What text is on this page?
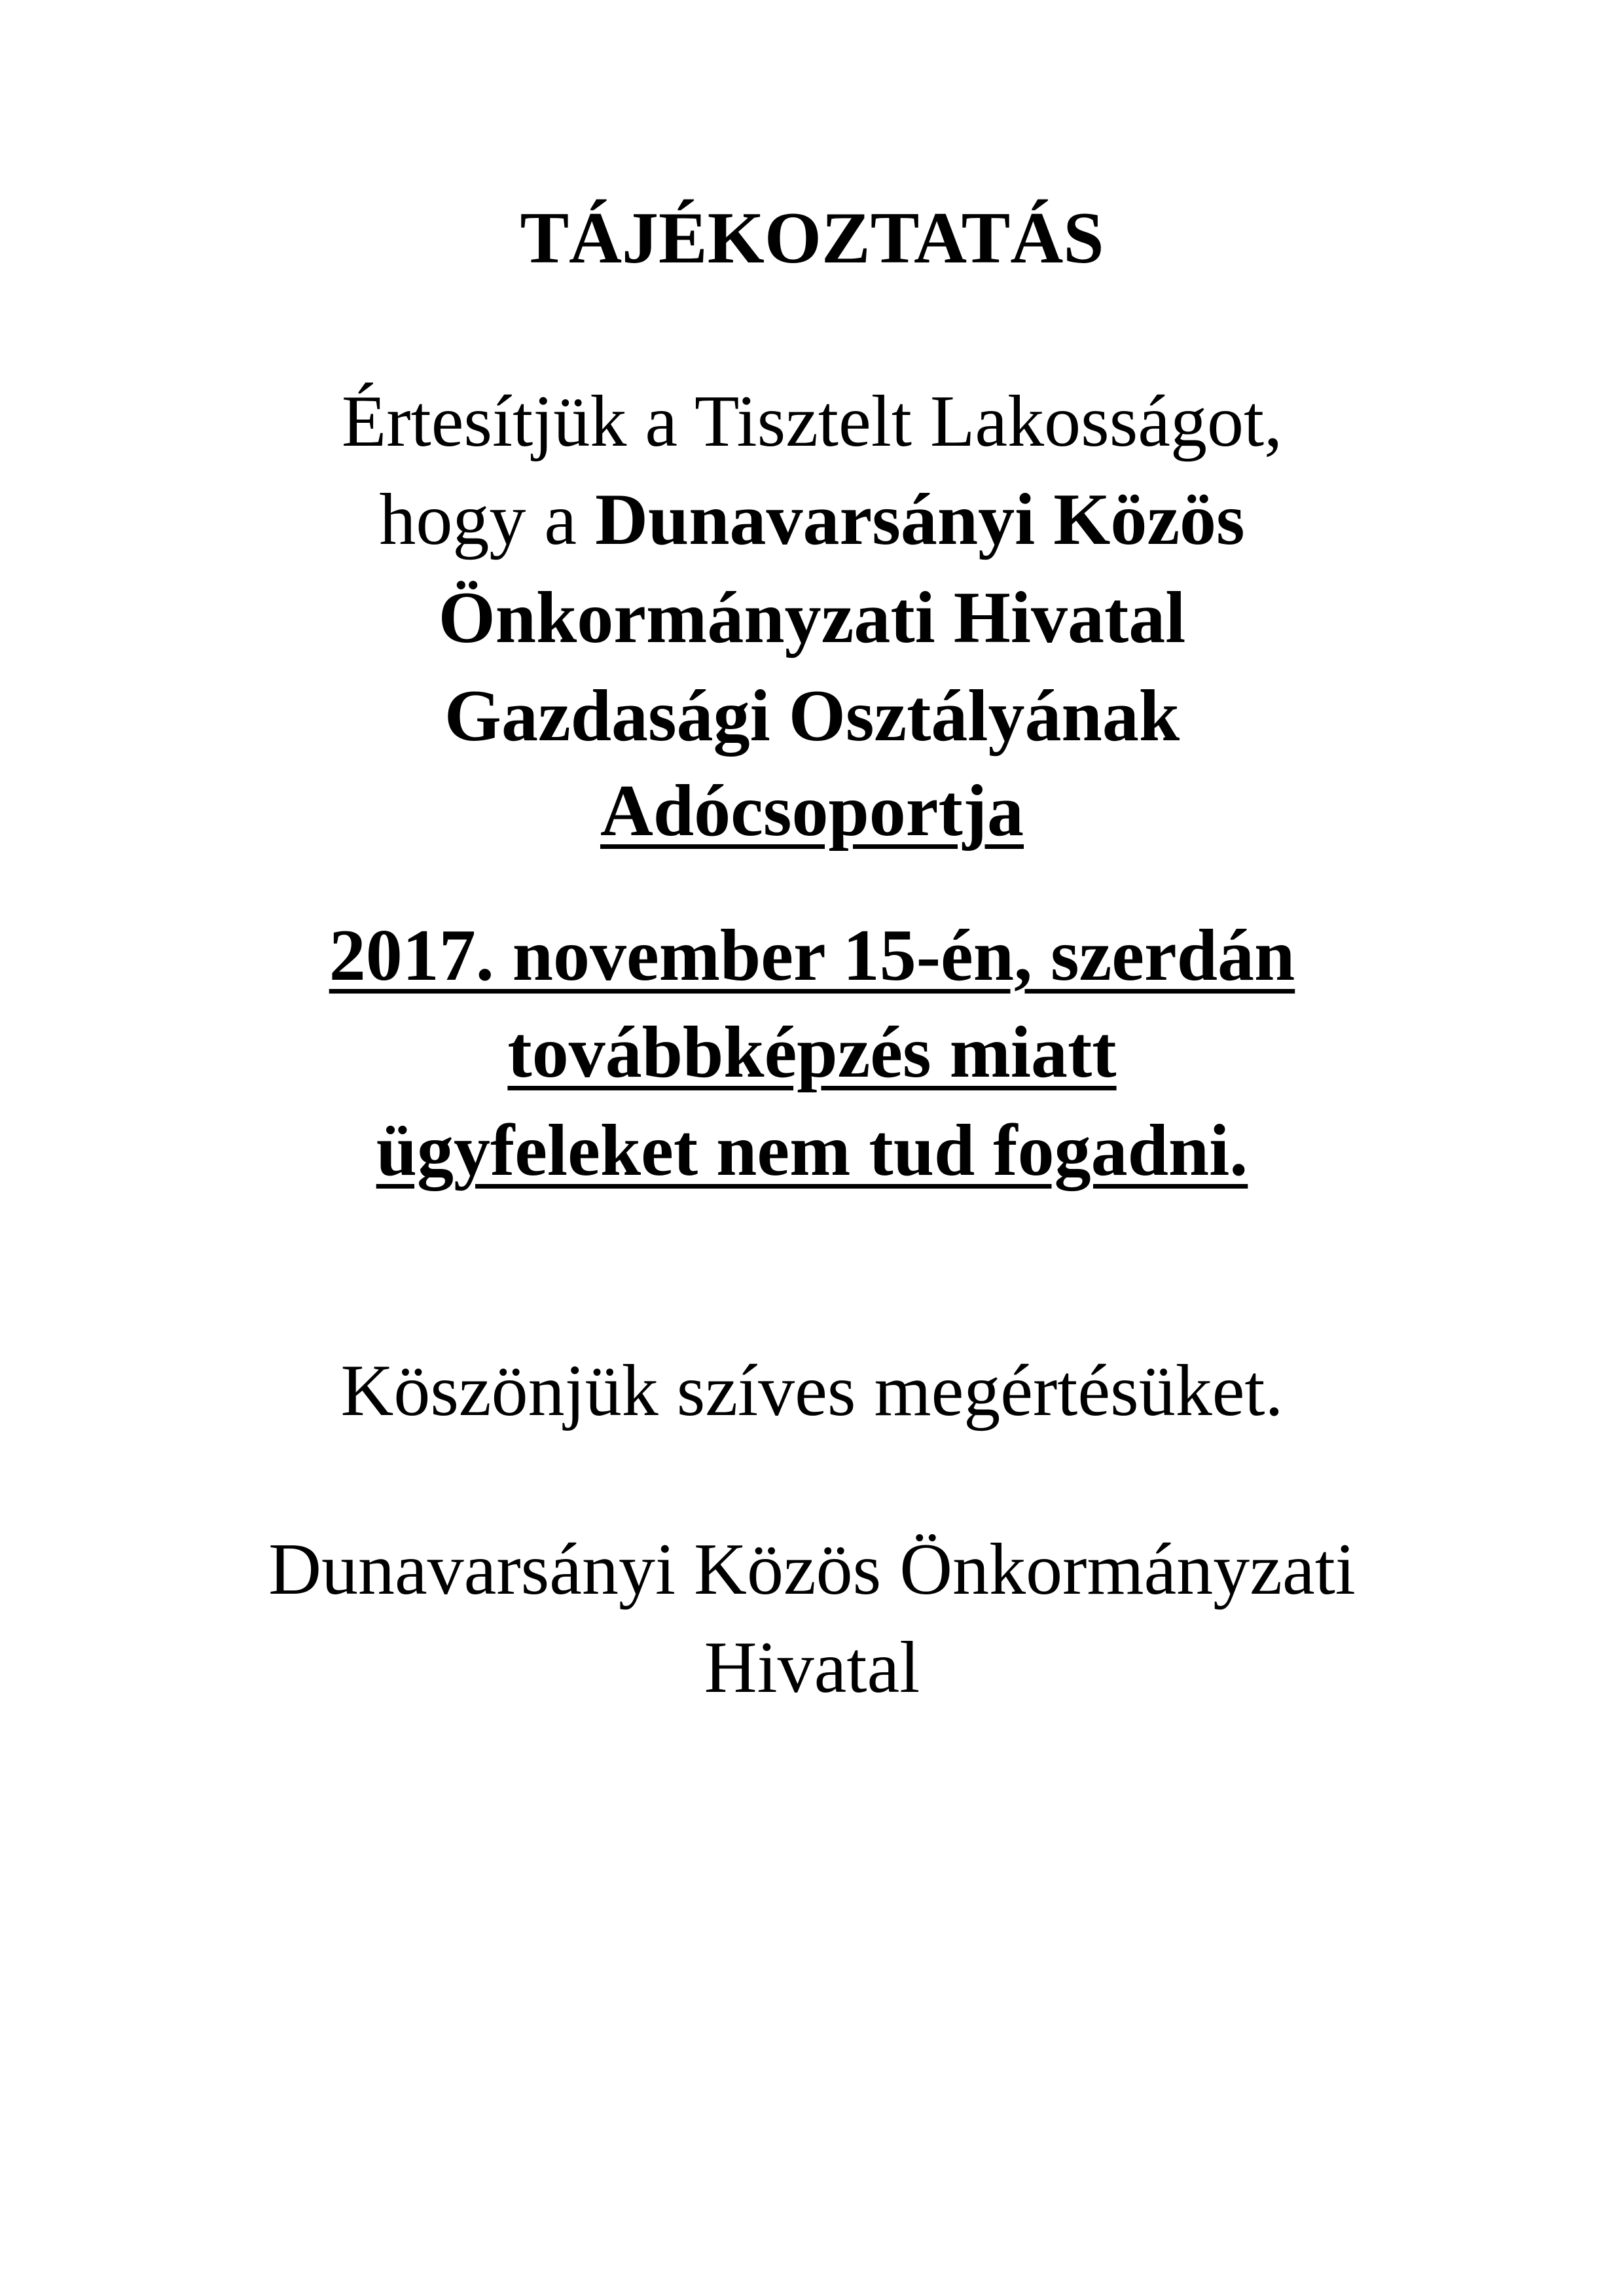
TÁJÉKOZTATÁS
Értesítjük a Tisztelt Lakosságot,
hogy a Dunavarsányi Közös
Önkormányzati Hivatal
Gazdasági Osztályának
Adócsoportja
2017. november 15-én, szerdán
továbbképzés miatt
ügyfeleket nem tud fogadni.
Köszönjük szíves megértésüket.
Dunavarsányi Közös Önkormányzati
Hivatal
